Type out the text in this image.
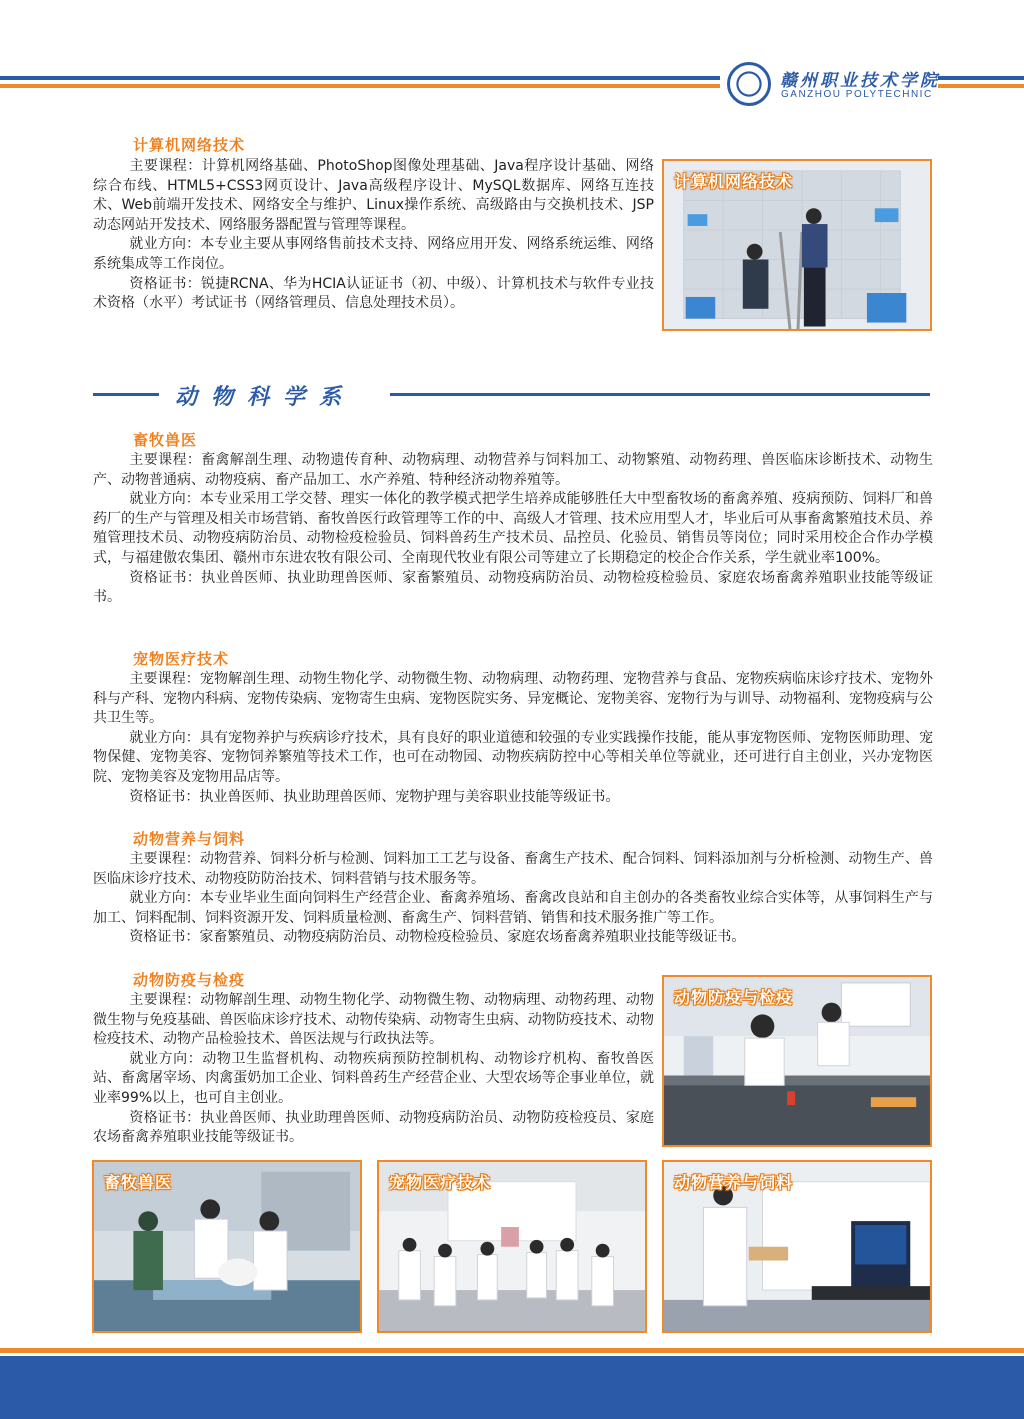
赣州职业技术学院
GANZHOU POLYTECHNIC
计算机网络技术

主要课程：计算机网络基础、PhotoShop图像处理基础、Java程序设计基础、网络综合布线、HTML5+CSS3网页设计、Java高级程序设计、MySQL数据库、网络互连技术、Web前端开发技术、网络安全与维护、Linux操作系统、高级路由与交换机技术、JSP动态网站开发技术、网络服务器配置与管理等课程。

就业方向：本专业主要从事网络售前技术支持、网络应用开发、网络系统运维、网络系统集成等工作岗位。

资格证书：锐捷RCNA、华为HCIA认证证书（初、中级）、计算机技术与软件专业技术资格（水平）考试证书（网络管理员、信息处理技术员）。

计算机网络技术
动物科学系
畜牧兽医

主要课程：畜禽解剖生理、动物遗传育种、动物病理、动物营养与饲料加工、动物繁殖、动物药理、兽医临床诊断技术、动物生产、动物普通病、动物疫病、畜产品加工、水产养殖、特种经济动物养殖等。

就业方向：本专业采用工学交替、理实一体化的教学模式把学生培养成能够胜任大中型畜牧场的畜禽养殖、疫病预防、饲料厂和兽药厂的生产与管理及相关市场营销、畜牧兽医行政管理等工作的中、高级人才管理、技术应用型人才，毕业后可从事畜禽繁殖技术员、养殖管理技术员、动物疫病防治员、动物检疫检验员、饲料兽药生产技术员、品控员、化验员、销售员等岗位；同时采用校企合作办学模式，与福建傲农集团、赣州市东进农牧有限公司、全南现代牧业有限公司等建立了长期稳定的校企合作关系，学生就业率100%。

资格证书：执业兽医师、执业助理兽医师、家畜繁殖员、动物疫病防治员、动物检疫检验员、家庭农场畜禽养殖职业技能等级证书。

宠物医疗技术

主要课程：宠物解剖生理、动物生物化学、动物微生物、动物病理、动物药理、宠物营养与食品、宠物疾病临床诊疗技术、宠物外科与产科、宠物内科病、宠物传染病、宠物寄生虫病、宠物医院实务、异宠概论、宠物美容、宠物行为与训导、动物福利、宠物疫病与公共卫生等。

就业方向：具有宠物养护与疾病诊疗技术，具有良好的职业道德和较强的专业实践操作技能，能从事宠物医师、宠物医师助理、宠物保健、宠物美容、宠物饲养繁殖等技术工作，也可在动物园、动物疾病防控中心等相关单位等就业，还可进行自主创业，兴办宠物医院、宠物美容及宠物用品店等。

资格证书：执业兽医师、执业助理兽医师、宠物护理与美容职业技能等级证书。

动物营养与饲料

主要课程：动物营养、饲料分析与检测、饲料加工工艺与设备、畜禽生产技术、配合饲料、饲料添加剂与分析检测、动物生产、兽医临床诊疗技术、动物疫防防治技术、饲料营销与技术服务等。

就业方向：本专业毕业生面向饲料生产经营企业、畜禽养殖场、畜禽改良站和自主创办的各类畜牧业综合实体等，从事饲料生产与加工、饲料配制、饲料资源开发、饲料质量检测、畜禽生产、饲料营销、销售和技术服务推广等工作。

资格证书：家畜繁殖员、动物疫病防治员、动物检疫检验员、家庭农场畜禽养殖职业技能等级证书。

动物防疫与检疫

主要课程：动物解剖生理、动物生物化学、动物微生物、动物病理、动物药理、动物微生物与免疫基础、兽医临床诊疗技术、动物传染病、动物寄生虫病、动物防疫技术、动物检疫技术、动物产品检验技术、兽医法规与行政执法等。

就业方向：动物卫生监督机构、动物疾病预防控制机构、动物诊疗机构、畜牧兽医站、畜禽屠宰场、肉禽蛋奶加工企业、饲料兽药生产经营企业、大型农场等企事业单位，就业率99%以上，也可自主创业。

资格证书：执业兽医师、执业助理兽医师、动物疫病防治员、动物防疫检疫员、家庭农场畜禽养殖职业技能等级证书。

动物防疫与检疫
畜牧兽医	宠物医疗技术	动物营养与饲料
